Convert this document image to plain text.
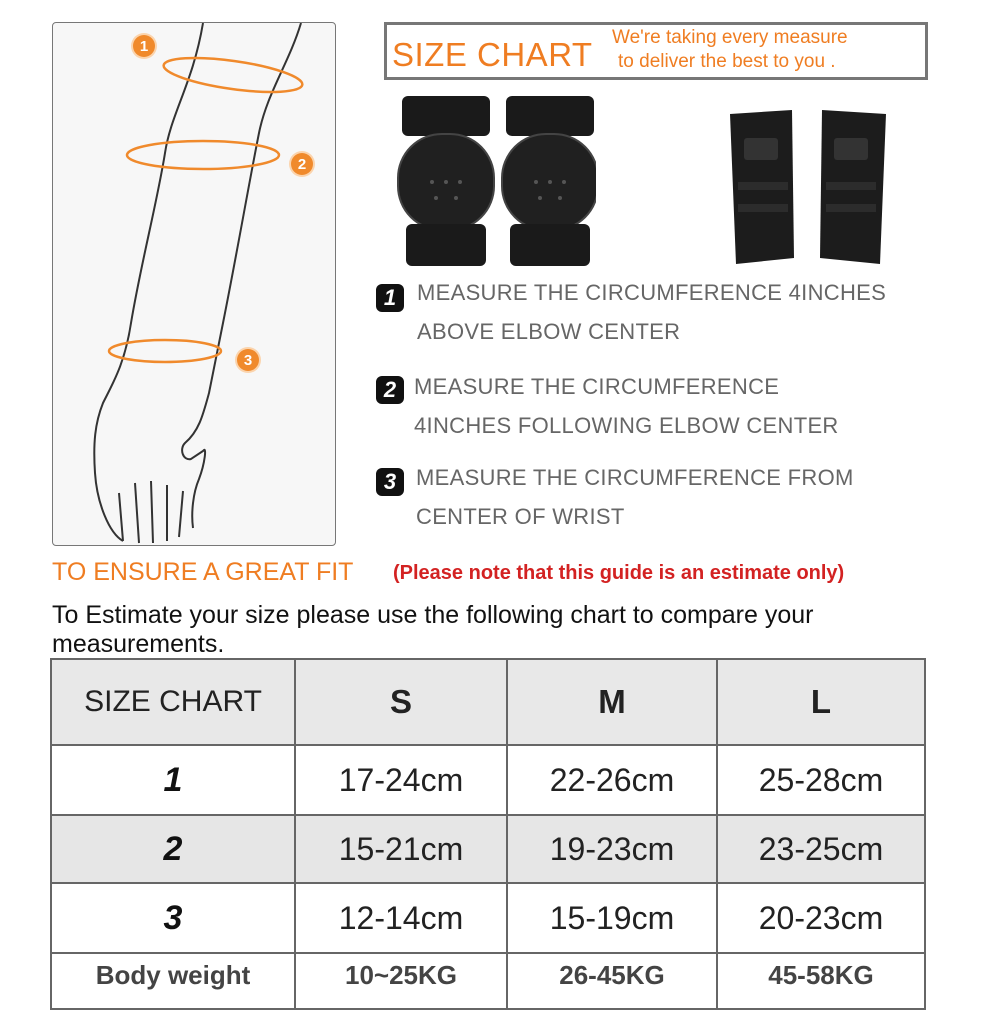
1
2
3
SIZE CHART We're taking every measure
to deliver the best to you .
1 MEASURE THE CIRCUMFERENCE 4INCHES
ABOVE ELBOW CENTER
2 MEASURE THE CIRCUMFERENCE
4INCHES FOLLOWING ELBOW CENTER
3 MEASURE THE CIRCUMFERENCE FROM
CENTER OF WRIST
TO ENSURE A GREAT FIT (Please note that this guide is an estimate only)
To Estimate your size please use the following chart to compare your
measurements.
SIZE CHART	S	M	L
1	17-24cm	22-26cm	25-28cm
2	15-21cm	19-23cm	23-25cm
3	12-14cm	15-19cm	20-23cm
Body weight	10~25KG	26-45KG	45-58KG
